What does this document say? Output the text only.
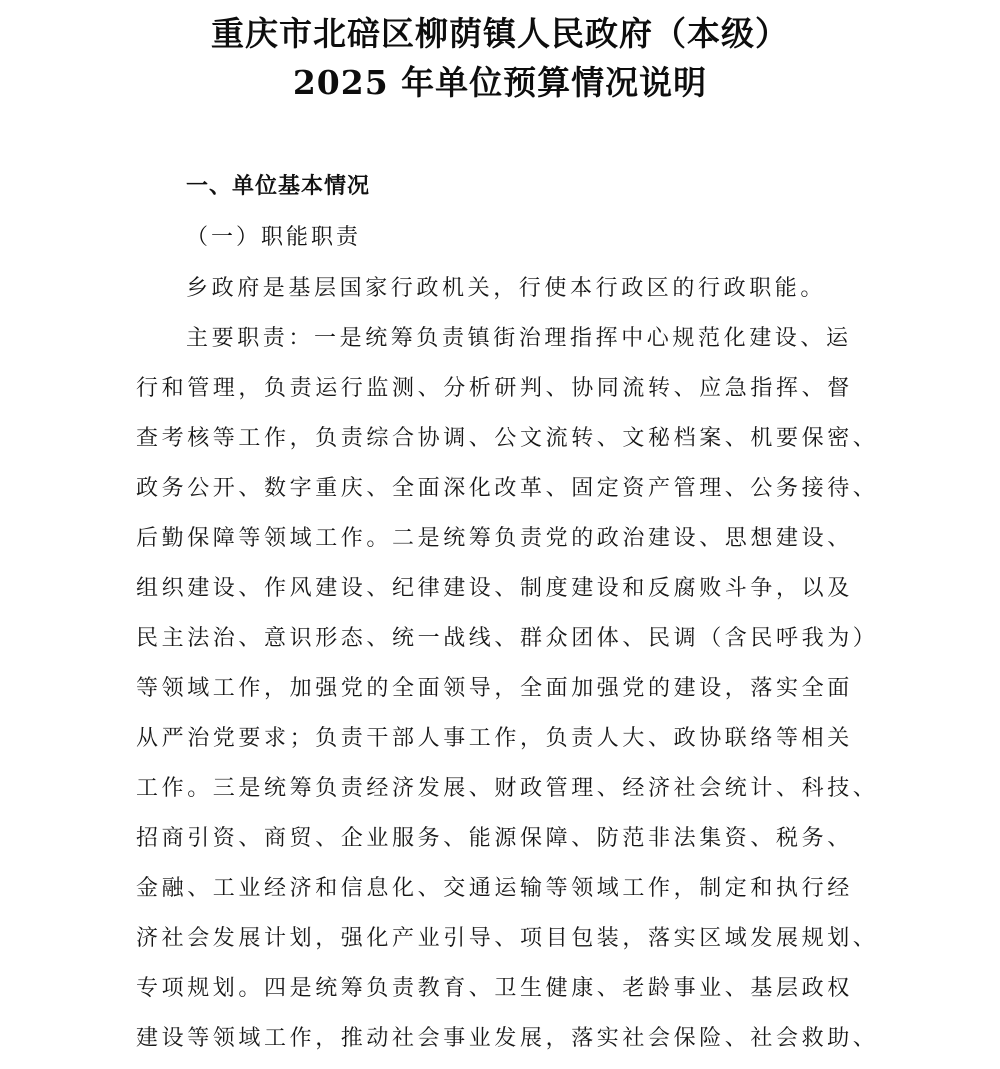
重庆市北碚区柳荫镇人民政府（本级）
2025 年单位预算情况说明
一、单位基本情况
（一）职能职责
乡政府是基层国家行政机关，行使本行政区的行政职能。
主要职责：一是统筹负责镇街治理指挥中心规范化建设、运
行和管理，负责运行监测、分析研判、协同流转、应急指挥、督
查考核等工作，负责综合协调、公文流转、文秘档案、机要保密、
政务公开、数字重庆、全面深化改革、固定资产管理、公务接待、
后勤保障等领域工作。二是统筹负责党的政治建设、思想建设、
组织建设、作风建设、纪律建设、制度建设和反腐败斗争，以及
民主法治、意识形态、统一战线、群众团体、民调（含民呼我为）
等领域工作，加强党的全面领导，全面加强党的建设，落实全面
从严治党要求；负责干部人事工作，负责人大、政协联络等相关
工作。三是统筹负责经济发展、财政管理、经济社会统计、科技、
招商引资、商贸、企业服务、能源保障、防范非法集资、税务、
金融、工业经济和信息化、交通运输等领域工作，制定和执行经
济社会发展计划，强化产业引导、项目包装，落实区域发展规划、
专项规划。四是统筹负责教育、卫生健康、老龄事业、基层政权
建设等领域工作，推动社会事业发展，落实社会保险、社会救助、
